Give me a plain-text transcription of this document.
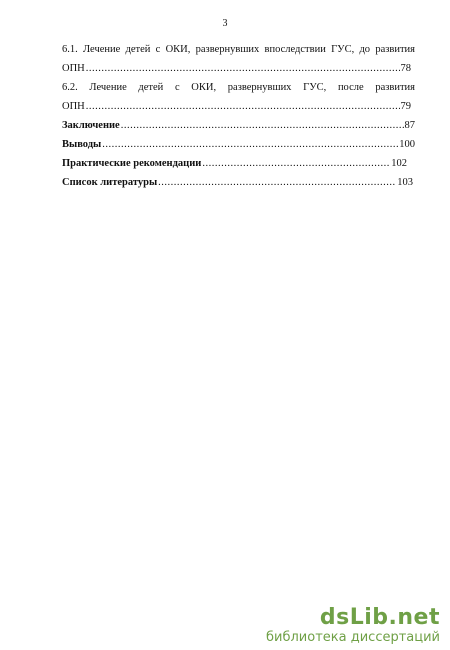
3
6.1. Лечение детей с ОКИ, развернувших впоследствии ГУС, до развития
ОПН .....	78
6.2. Лечение детей с ОКИ, развернувших ГУС, после развития
ОПН .....	79
Заключение .....	87
Выводы .....	100
Практические рекомендации .....	102
Список литературы .....	103
dsLib.net
библиотека диссертаций
